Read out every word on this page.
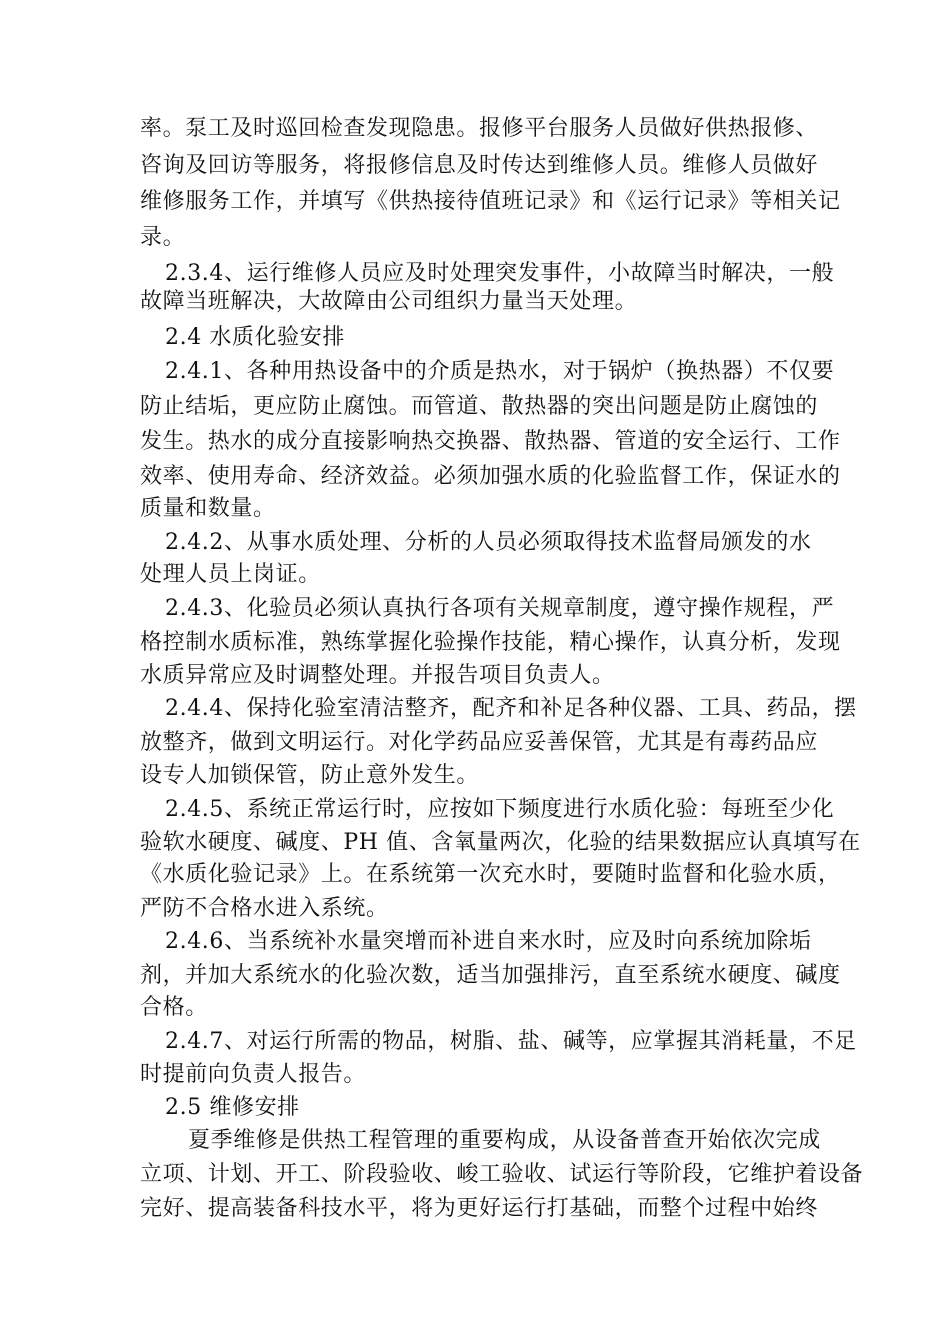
率。泵工及时巡回检查发现隐患。报修平台服务人员做好供热报修、
咨询及回访等服务，将报修信息及时传达到维修人员。维修人员做好
维修服务工作，并填写《供热接待值班记录》和《运行记录》等相关记
录。
2.3.4、运行维修人员应及时处理突发事件，小故障当时解决，一般
故障当班解决，大故障由公司组织力量当天处理。
2.4 水质化验安排
2.4.1、各种用热设备中的介质是热水，对于锅炉（换热器）不仅要
防止结垢，更应防止腐蚀。而管道、散热器的突出问题是防止腐蚀的
发生。热水的成分直接影响热交换器、散热器、管道的安全运行、工作
效率、使用寿命、经济效益。必须加强水质的化验监督工作，保证水的
质量和数量。
2.4.2、从事水质处理、分析的人员必须取得技术监督局颁发的水
处理人员上岗证。
2.4.3、化验员必须认真执行各项有关规章制度，遵守操作规程，严
格控制水质标准，熟练掌握化验操作技能，精心操作，认真分析，发现
水质异常应及时调整处理。并报告项目负责人。
2.4.4、保持化验室清洁整齐，配齐和补足各种仪器、工具、药品，摆
放整齐，做到文明运行。对化学药品应妥善保管，尤其是有毒药品应
设专人加锁保管，防止意外发生。
2.4.5、系统正常运行时，应按如下频度进行水质化验：每班至少化
验软水硬度、碱度、PH 值、含氧量两次，化验的结果数据应认真填写在
《水质化验记录》上。在系统第一次充水时，要随时监督和化验水质，
严防不合格水进入系统。
2.4.6、当系统补水量突增而补进自来水时，应及时向系统加除垢
剂，并加大系统水的化验次数，适当加强排污，直至系统水硬度、碱度
合格。
2.4.7、对运行所需的物品，树脂、盐、碱等，应掌握其消耗量，不足
时提前向负责人报告。
2.5 维修安排
夏季维修是供热工程管理的重要构成，从设备普查开始依次完成
立项、计划、开工、阶段验收、峻工验收、试运行等阶段，它维护着设备
完好、提高装备科技水平，将为更好运行打基础，而整个过程中始终
